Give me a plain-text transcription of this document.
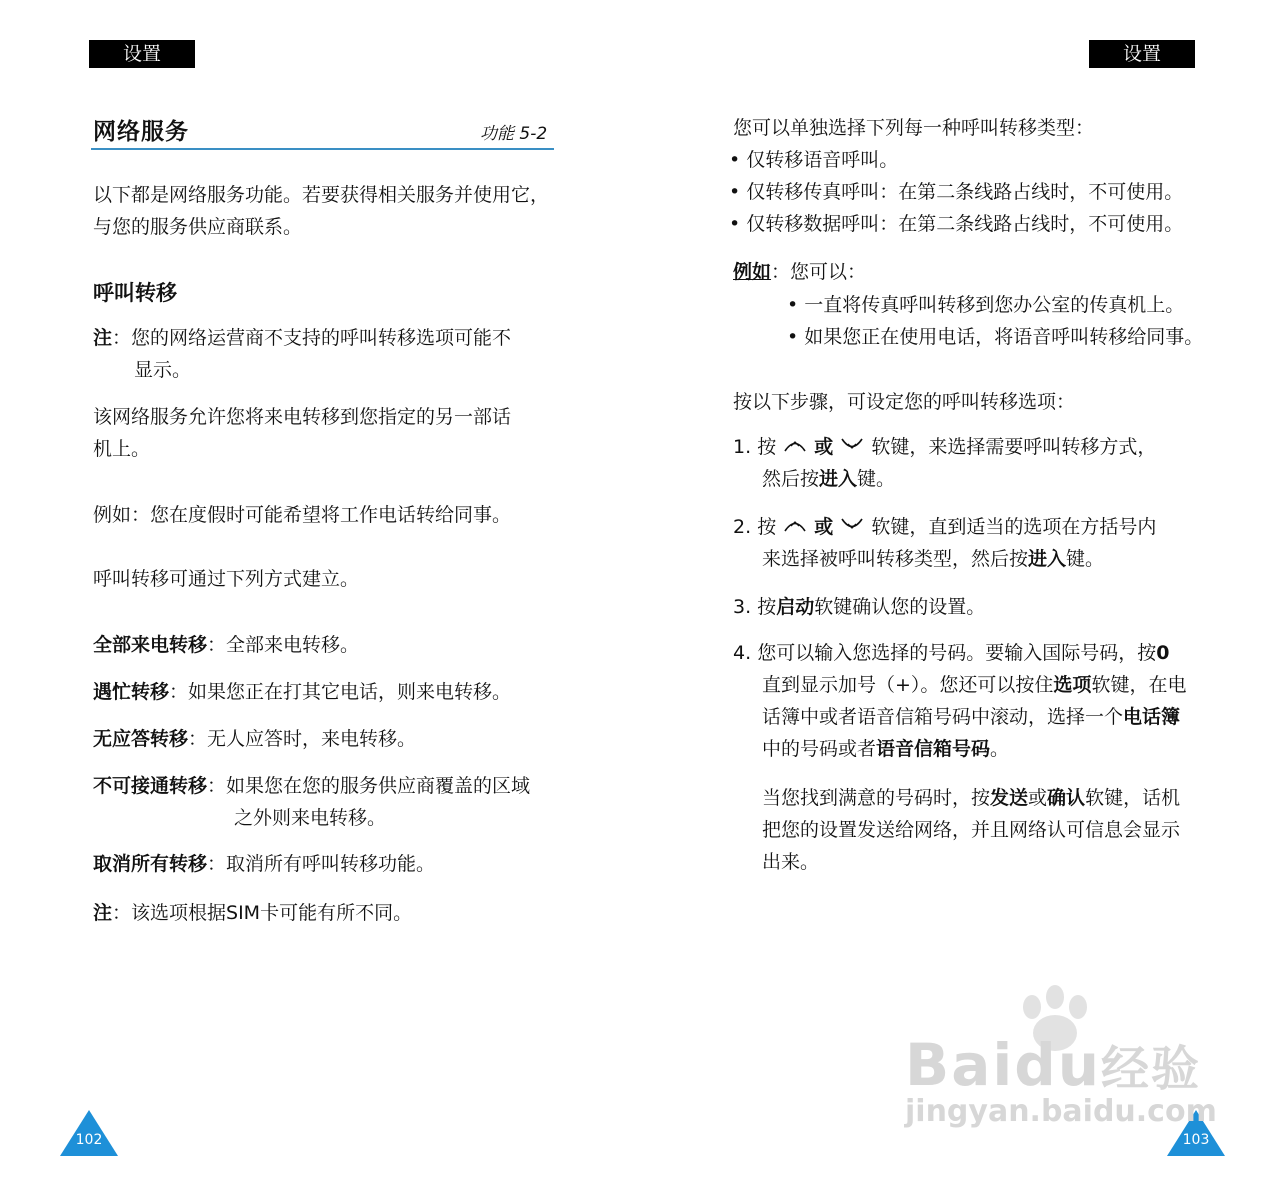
设置
网络服务	功能 5-2
以下都是网络服务功能。若要获得相关服务并使用它，
与您的服务供应商联系。
呼叫转移
注：您的网络运营商不支持的呼叫转移选项可能不
显示。
该网络服务允许您将来电转移到您指定的另一部话
机上。
例如：您在度假时可能希望将工作电话转给同事。
呼叫转移可通过下列方式建立。
全部来电转移：全部来电转移。
遇忙转移：如果您正在打其它电话，则来电转移。
无应答转移：无人应答时，来电转移。
不可接通转移：如果您在您的服务供应商覆盖的区域
之外则来电转移。
取消所有转移：取消所有呼叫转移功能。
注：该选项根据SIM卡可能有所不同。
102
设置
您可以单独选择下列每一种呼叫转移类型：
• 仅转移语音呼叫。
• 仅转移传真呼叫：在第二条线路占线时，不可使用。
• 仅转移数据呼叫：在第二条线路占线时，不可使用。
例如：您可以：
• 一直将传真呼叫转移到您办公室的传真机上。
• 如果您正在使用电话，将语音呼叫转移给同事。
按以下步骤，可设定您的呼叫转移选项：
1. 按 或 软键，来选择需要呼叫转移方式，
然后按进入键。
2. 按 或 软键，直到适当的选项在方括号内
来选择被呼叫转移类型，然后按进入键。
3. 按启动软键确认您的设置。
4. 您可以输入您选择的号码。要输入国际号码，按0
直到显示加号（+）。您还可以按住选项软键，在电
话簿中或者语音信箱号码中滚动，选择一个电话簿
中的号码或者语音信箱号码。
当您找到满意的号码时，按发送或确认软键，话机
把您的设置发送给网络，并且网络认可信息会显示
出来。
103
Baidu经验
jingyan.baidu.com
